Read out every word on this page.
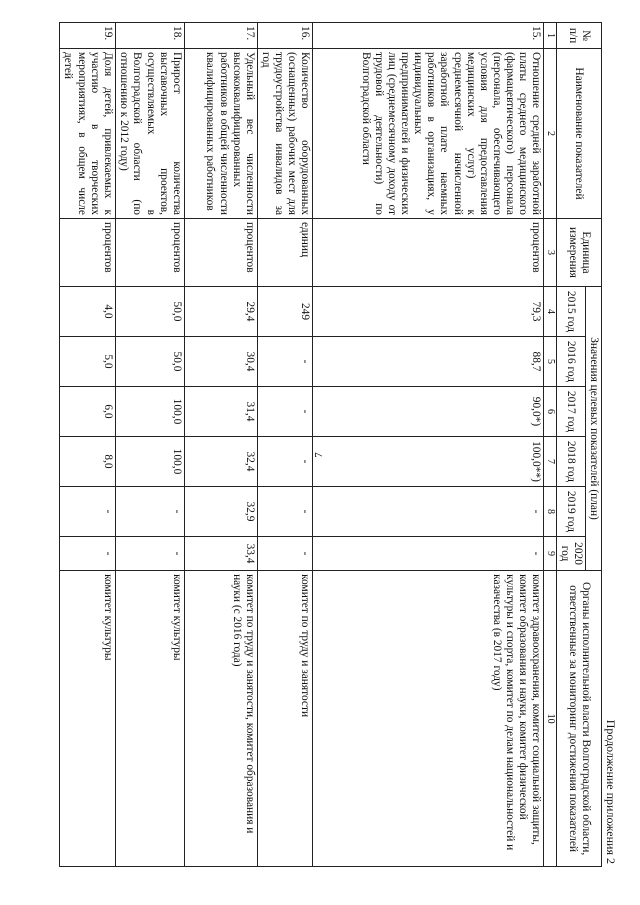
7
Продолжение приложения 2
№ п/п	Наименование показателей	Единица измерения	Значения целевых показателей (план)						Органы исполнительной власти Волгоградской области, ответственные за мониторинг достижения показателей
			2015 год	2016 год	2017 год	2018 год	2019 год	2020 год	
1	2	3	4	5	6	7	8	9	10
15.	Отношение средней заработной платы среднего медицинского (фармацевтического) персонала (персонала, обеспечивающего условия для предоставления медицинских услуг) к среднемесячной начисленной заработной плате наемных работников в организациях, у индивидуальных предпринимателей и физических лиц (среднемесячному доходу от трудовой деятельности) по Волгоградской области	процентов	79,3	88,7	90,0*)	100,0**)	-	-	комитет здравоохранения, комитет социальной защиты, комитет образования и науки, комитет физической культуры и спорта, комитет по делам национальностей и казачества (в 2017 году)
16.	Количество оборудованных (оснащенных) рабочих мест для трудоустройства инвалидов за год	единиц	249	-	-	-	-	-	комитет по труду и занятости
17.	Удельный вес численности высококвалифицированных работников в общей численности квалифицированных работников	процентов	29,4	30,4	31,4	32,4	32,9	33,4	комитет по труду и занятости, комитет образования и науки (с 2016 года)
18.	Прирост количества выставочных проектов, осуществляемых в Волгоградской области (по отношению к 2012 году)	процентов	50,0	50,0	100,0	100,0	-	-	комитет культуры
19.	Доля детей, привлекаемых к участию в творческих мероприятиях, в общем числе детей	процентов	4,0	5,0	6,0	8,0	-	-	комитет культуры
